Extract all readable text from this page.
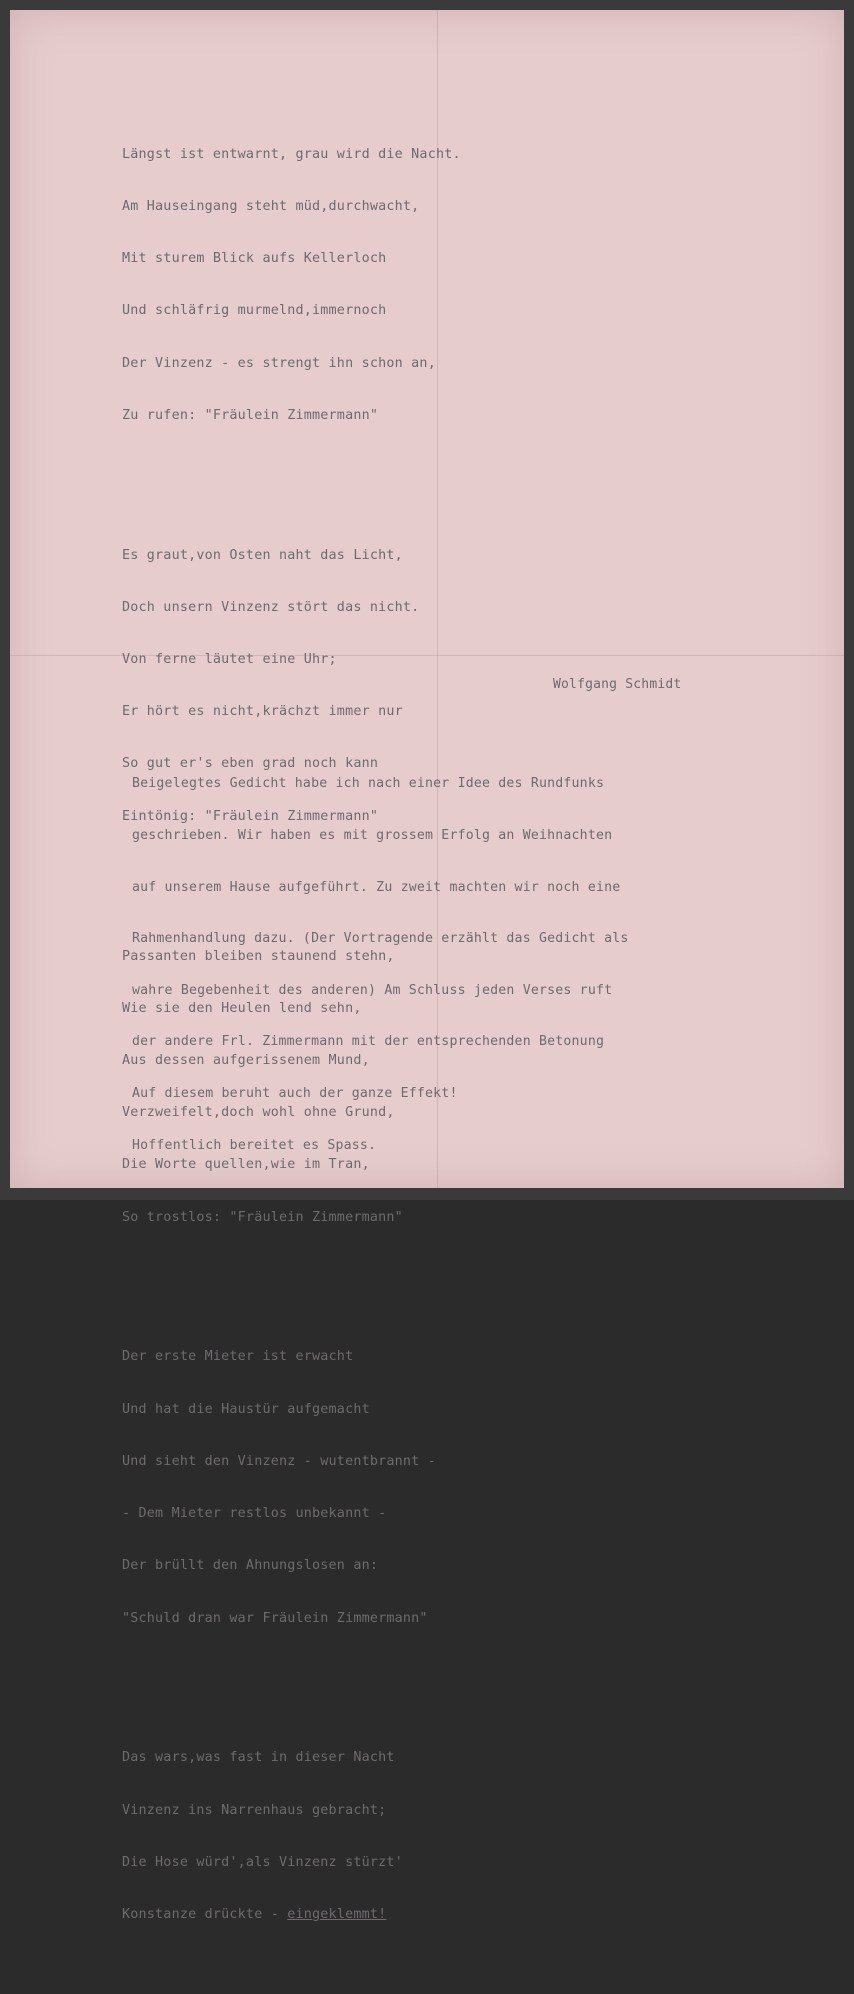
Längst ist entwarnt, grau wird die Nacht.

Am Hauseingang steht müd,durchwacht,

Mit sturem Blick aufs Kellerloch

Und schläfrig murmelnd,immernoch

Der Vinzenz - es strengt ihn schon an,

Zu rufen: "Fräulein Zimmermann"

Es graut,von Osten naht das Licht,

Doch unsern Vinzenz stört das nicht.

Von ferne läutet eine Uhr;

Er hört es nicht,krächzt immer nur

So gut er's eben grad noch kann

Eintönig: "Fräulein Zimmermann"

Passanten bleiben staunend stehn,

Wie sie den Heulen lend sehn,

Aus dessen aufgerissenem Mund,

Verzweifelt,doch wohl ohne Grund,

Die Worte quellen,wie im Tran,

So trostlos: "Fräulein Zimmermann"

Der erste Mieter ist erwacht

Und hat die Haustür aufgemacht

Und sieht den Vinzenz - wutentbrannt -

- Dem Mieter restlos unbekannt -

Der brüllt den Ahnungslosen an:

"Schuld dran war Fräulein Zimmermann"

Das wars,was fast in dieser Nacht

Vinzenz ins Narrenhaus gebracht;

Die Hose würd',als Vinzenz stürzt'

Konstanze drückte - eingeklemmt!

Wolfgang Schmidt

Beigelegtes Gedicht habe ich nach einer Idee des Rundfunks

geschrieben. Wir haben es mit grossem Erfolg an Weihnachten

auf unserem Hause aufgeführt. Zu zweit machten wir noch eine

Rahmenhandlung dazu. (Der Vortragende erzählt das Gedicht als

wahre Begebenheit des anderen) Am Schluss jeden Verses ruft

der andere Frl. Zimmermann mit der entsprechenden Betonung

Auf diesem beruht auch der ganze Effekt!

Hoffentlich bereitet es Spass.
